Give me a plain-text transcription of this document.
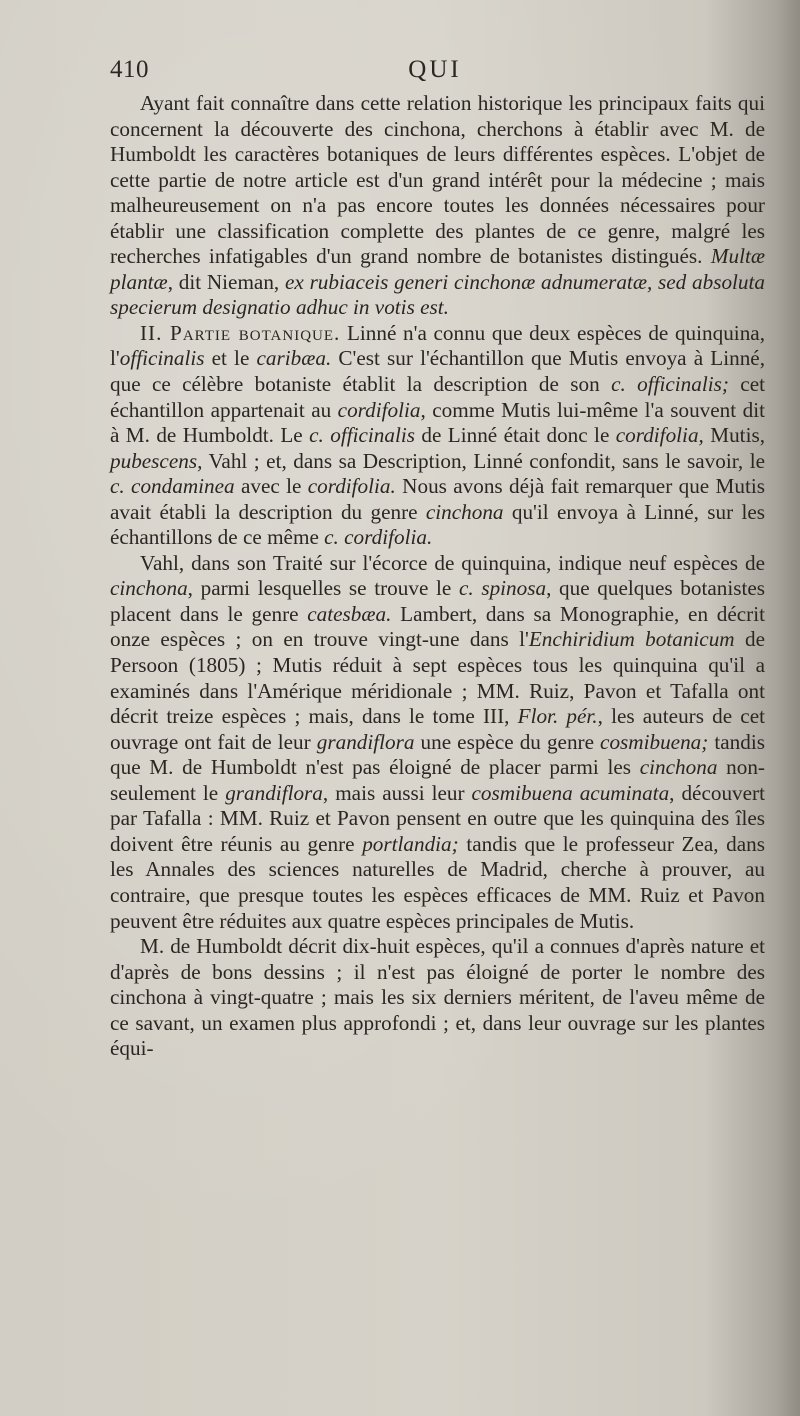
410	QUI

Ayant fait connaître dans cette relation historique les principaux faits qui concernent la découverte des cinchona, cherchons à établir avec M. de Humboldt les caractères botaniques de leurs différentes espèces. L'objet de cette partie de notre article est d'un grand intérêt pour la médecine ; mais malheureusement on n'a pas encore toutes les données nécessaires pour établir une classification complette des plantes de ce genre, malgré les recherches infatigables d'un grand nombre de botanistes distingués. Multæ plantæ, dit Nieman, ex rubiaceis generi cinchonæ adnumeratæ, sed absoluta specierum designatio adhuc in votis est.

II. Partie botanique. Linné n'a connu que deux espèces de quinquina, l'officinalis et le caribæa. C'est sur l'échantillon que Mutis envoya à Linné, que ce célèbre botaniste établit la description de son c. officinalis; cet échantillon appartenait au cordifolia, comme Mutis lui-même l'a souvent dit à M. de Humboldt. Le c. officinalis de Linné était donc le cordifolia, Mutis, pubescens, Vahl ; et, dans sa Description, Linné confondit, sans le savoir, le c. condaminea avec le cordifolia. Nous avons déjà fait remarquer que Mutis avait établi la description du genre cinchona qu'il envoya à Linné, sur les échantillons de ce même c. cordifolia.

Vahl, dans son Traité sur l'écorce de quinquina, indique neuf espèces de cinchona, parmi lesquelles se trouve le c. spinosa, que quelques botanistes placent dans le genre catesbæa. Lambert, dans sa Monographie, en décrit onze espèces ; on en trouve vingt-une dans l'Enchiridium botanicum de Persoon (1805) ; Mutis réduit à sept espèces tous les quinquina qu'il a examinés dans l'Amérique méridionale ; MM. Ruiz, Pavon et Tafalla ont décrit treize espèces ; mais, dans le tome III, Flor. pér., les auteurs de cet ouvrage ont fait de leur grandiflora une espèce du genre cosmibuena; tandis que M. de Humboldt n'est pas éloigné de placer parmi les cinchona non-seulement le grandiflora, mais aussi leur cosmibuena acuminata, découvert par Tafalla : MM. Ruiz et Pavon pensent en outre que les quinquina des îles doivent être réunis au genre portlandia; tandis que le professeur Zea, dans les Annales des sciences naturelles de Madrid, cherche à prouver, au contraire, que presque toutes les espèces efficaces de MM. Ruiz et Pavon peuvent être réduites aux quatre espèces principales de Mutis.

M. de Humboldt décrit dix-huit espèces, qu'il a connues d'après nature et d'après de bons dessins ; il n'est pas éloigné de porter le nombre des cinchona à vingt-quatre ; mais les six derniers méritent, de l'aveu même de ce savant, un examen plus approfondi ; et, dans leur ouvrage sur les plantes équi-
